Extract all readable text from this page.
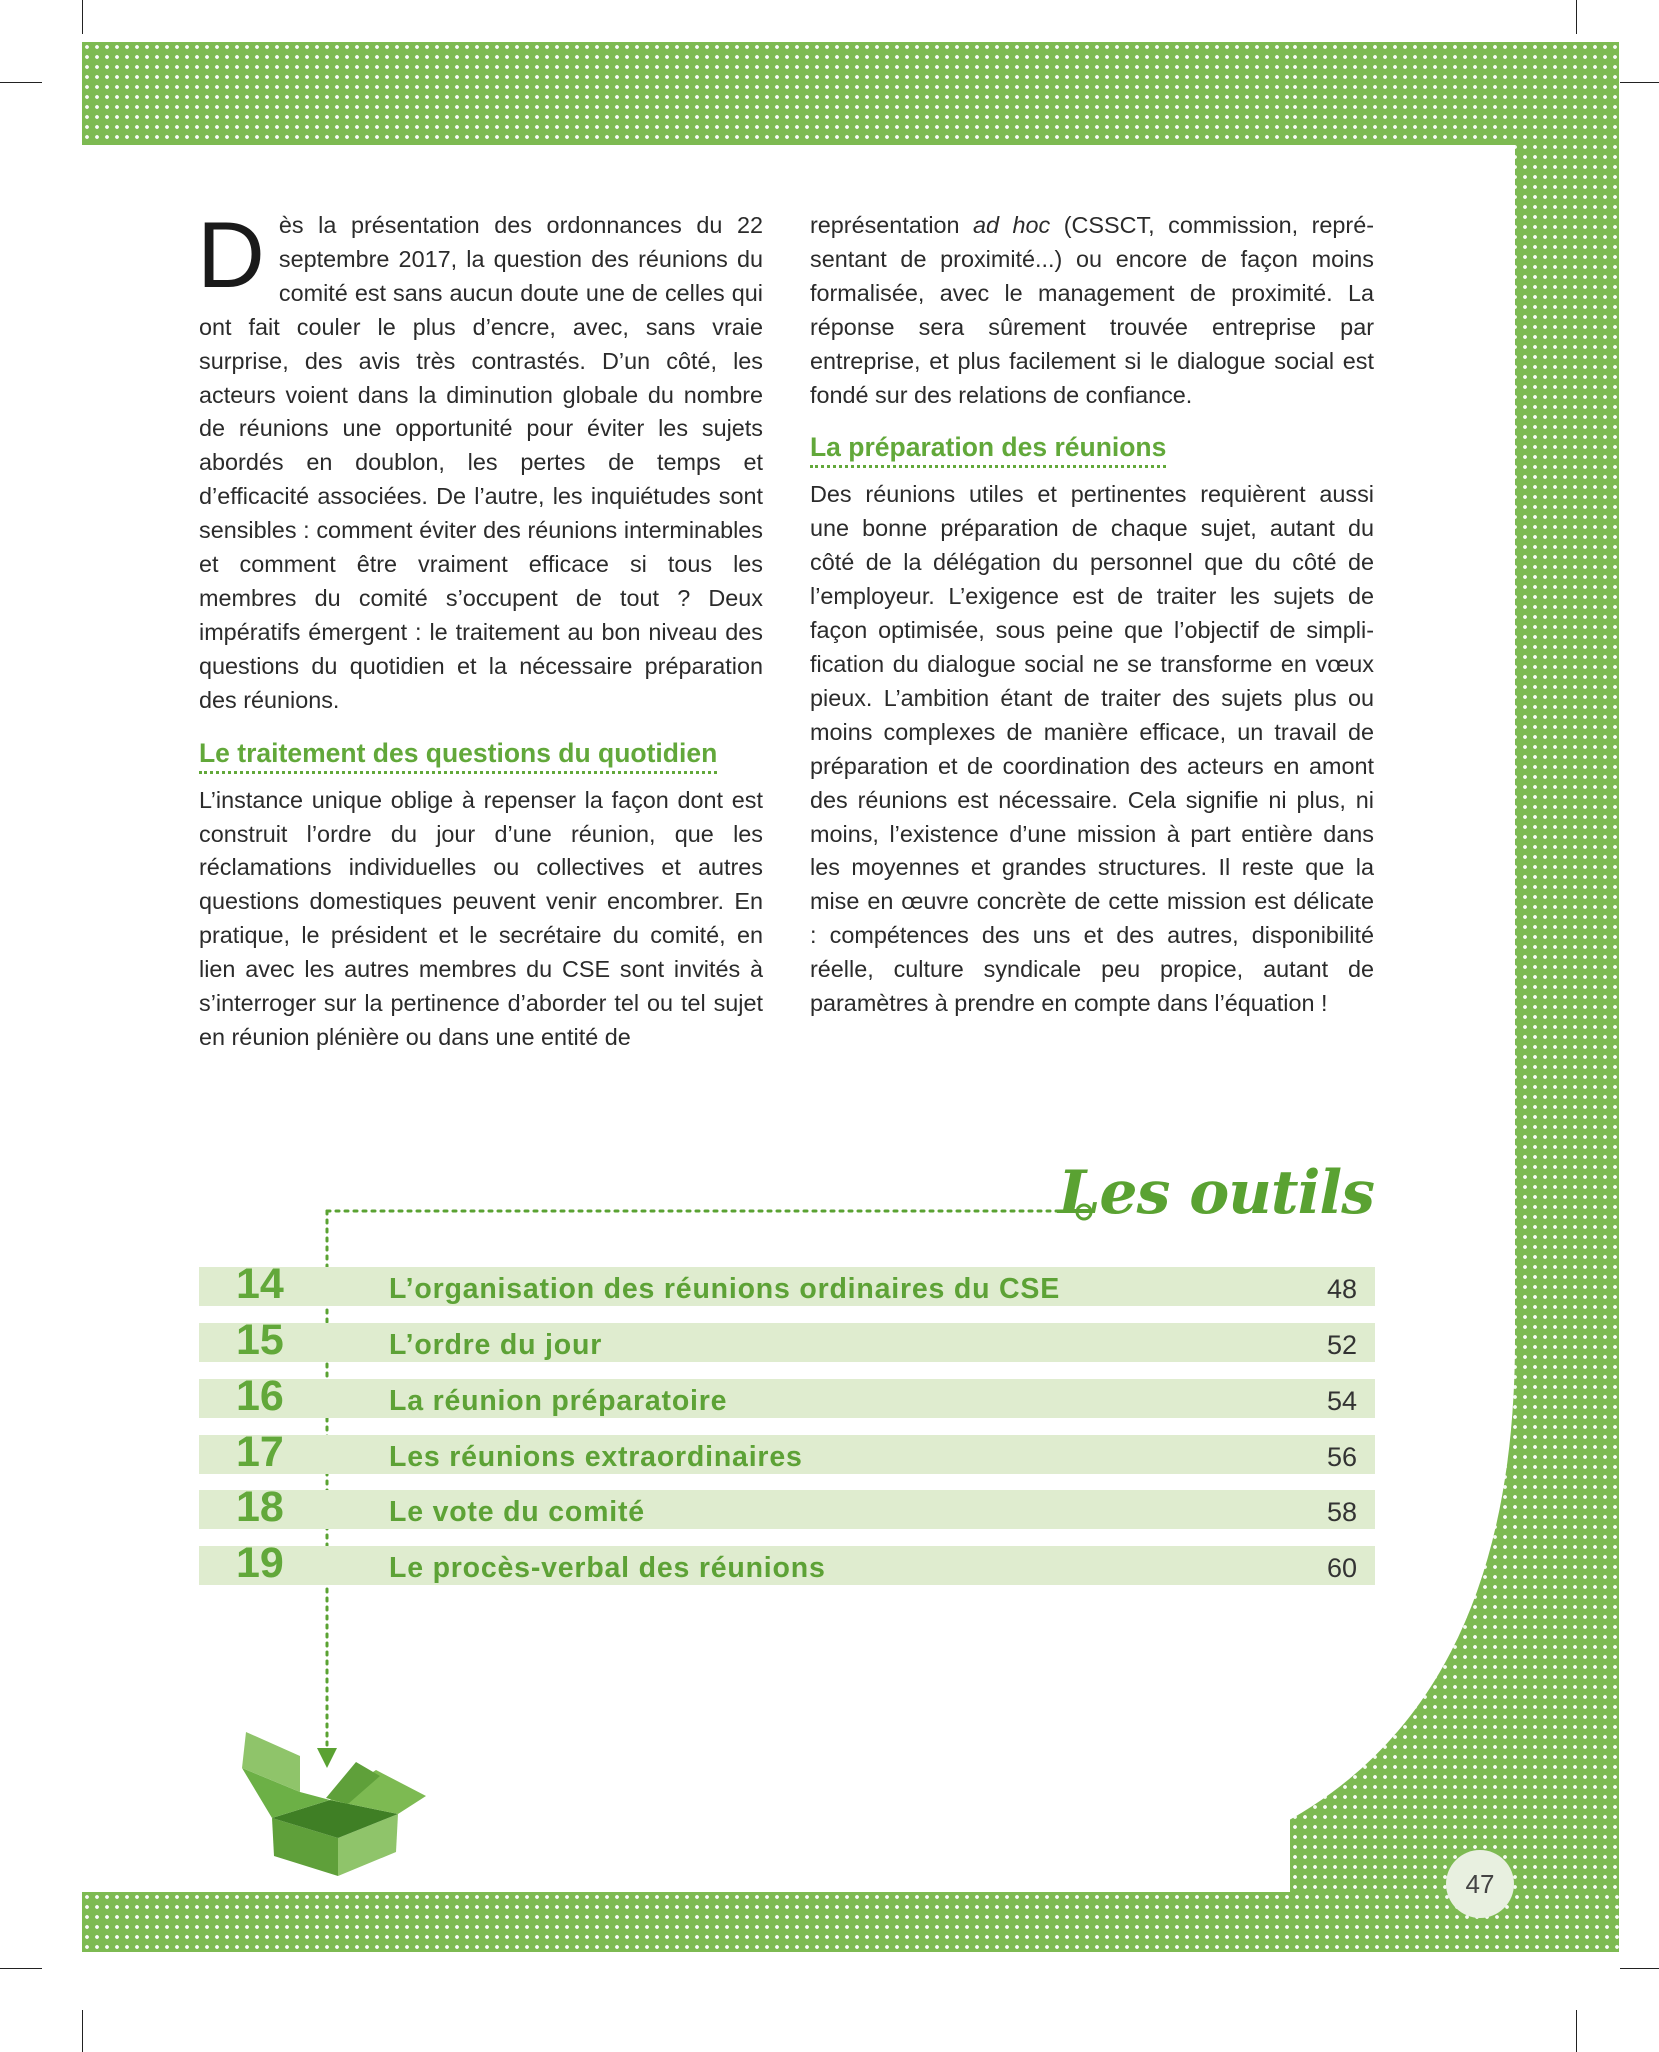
Dès la présentation des ordonnances du 22 septembre 2017, la question des réunions du comité est sans aucun doute une de celles qui ont fait couler le plus d’encre, avec, sans vraie surprise, des avis très contrastés. D’un côté, les acteurs voient dans la diminution globale du nombre de réunions une opportunité pour éviter les sujets abordés en doublon, les pertes de temps et d’efficacité associées. De l’autre, les inquiétudes sont sensibles : comment éviter des réunions interminables et comment être vraiment efficace si tous les membres du comité s’occupent de tout ? Deux impératifs émergent : le traitement au bon niveau des questions du quotidien et la nécessaire préparation des réunions.

Le traitement des questions du quotidien

L’instance unique oblige à repenser la façon dont est construit l’ordre du jour d’une réunion, que les réclamations individuelles ou collectives et autres questions domestiques peuvent venir encombrer. En pratique, le président et le secrétaire du comité, en lien avec les autres membres du CSE sont invités à s’interroger sur la pertinence d’aborder tel ou tel sujet en réunion plénière ou dans une entité de

représentation ad hoc (CSSCT, commission, représentant de proximité...) ou encore de façon moins formalisée, avec le management de proximité. La réponse sera sûrement trouvée entreprise par entreprise, et plus facilement si le dialogue social est fondé sur des relations de confiance.

La préparation des réunions

Des réunions utiles et pertinentes requièrent aussi une bonne préparation de chaque sujet, autant du côté de la délégation du personnel que du côté de l’employeur. L’exigence est de traiter les sujets de façon optimisée, sous peine que l’objectif de simplification du dialogue social ne se transforme en vœux pieux. L’ambition étant de traiter des sujets plus ou moins complexes de manière efficace, un travail de préparation et de coordination des acteurs en amont des réunions est nécessaire. Cela signifie ni plus, ni moins, l’existence d’une mission à part entière dans les moyennes et grandes structures. Il reste que la mise en œuvre concrète de cette mission est délicate : compétences des uns et des autres, disponibilité réelle, culture syndicale peu propice, autant de paramètres à prendre en compte dans l’équation !

Les outils
14	L’organisation des réunions ordinaires du CSE	48
15	L’ordre du jour	52
16	La réunion préparatoire	54
17	Les réunions extraordinaires	56
18	Le vote du comité	58
19	Le procès-verbal des réunions	60
47
